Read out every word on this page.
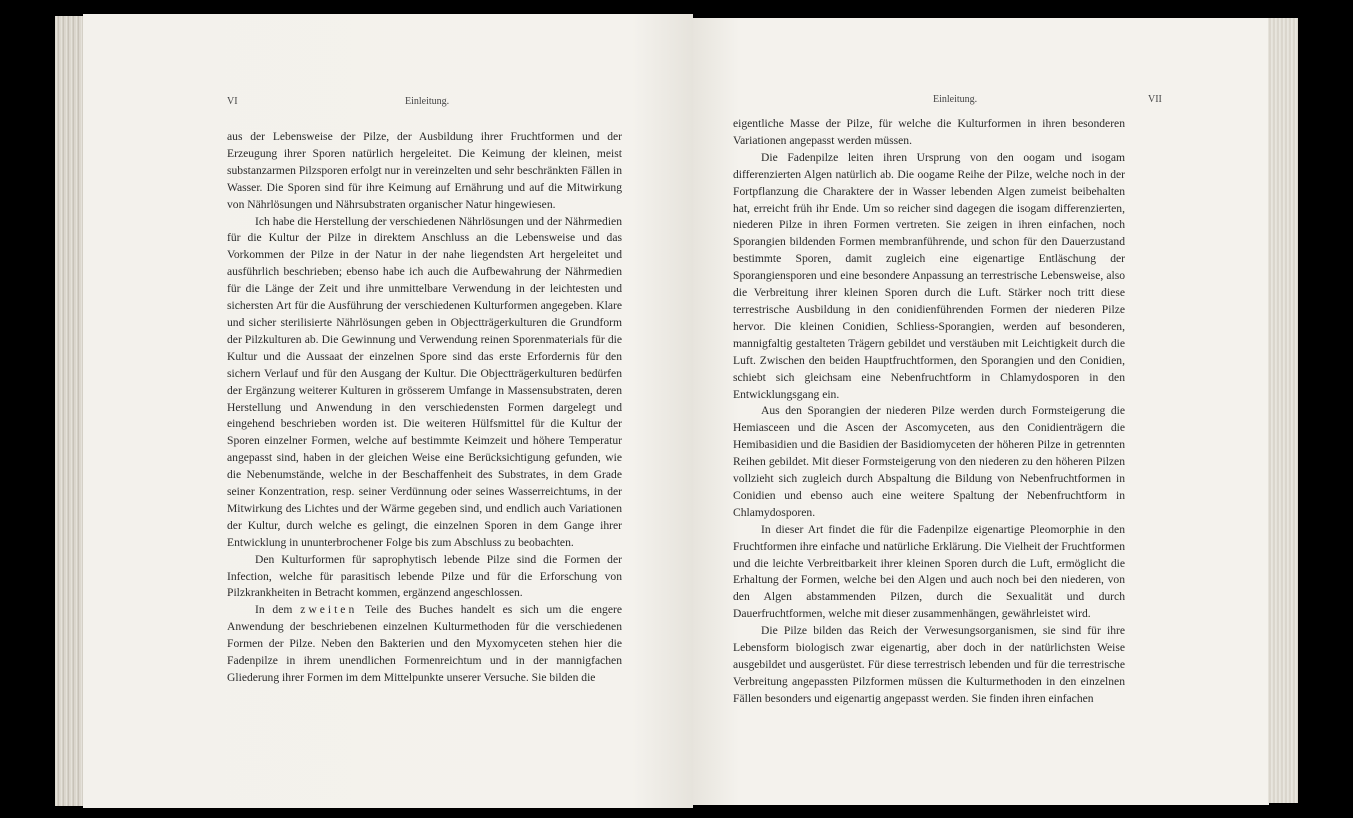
VI	Einleitung.

aus der Lebensweise der Pilze, der Ausbildung ihrer Fruchtformen und der Erzeugung ihrer Sporen natürlich hergeleitet. Die Keimung der kleinen, meist substanzarmen Pilzsporen erfolgt nur in vereinzelten und sehr beschränkten Fällen in Wasser. Die Sporen sind für ihre Keimung auf Ernährung und auf die Mitwirkung von Nährlösungen und Nährsubstraten organischer Natur hingewiesen.

Ich habe die Herstellung der verschiedenen Nährlösungen und der Nährmedien für die Kultur der Pilze in direktem Anschluss an die Lebensweise und das Vorkommen der Pilze in der Natur in der nahe liegendsten Art hergeleitet und ausführlich beschrieben; ebenso habe ich auch die Aufbewahrung der Nährmedien für die Länge der Zeit und ihre unmittelbare Verwendung in der leichtesten und sichersten Art für die Ausführung der verschiedenen Kulturformen angegeben. Klare und sicher sterilisierte Nährlösungen geben in Objectträgerkulturen die Grundform der Pilzkulturen ab. Die Gewinnung und Verwendung reinen Sporenmaterials für die Kultur und die Aussaat der einzelnen Spore sind das erste Erfordernis für den sichern Verlauf und für den Ausgang der Kultur. Die Objectträgerkulturen bedürfen der Ergänzung weiterer Kulturen in grösserem Umfange in Massensubstraten, deren Herstellung und Anwendung in den verschiedensten Formen dargelegt und eingehend beschrieben worden ist. Die weiteren Hülfsmittel für die Kultur der Sporen einzelner Formen, welche auf bestimmte Keimzeit und höhere Temperatur angepasst sind, haben in der gleichen Weise eine Berücksichtigung gefunden, wie die Nebenumstände, welche in der Beschaffenheit des Substrates, in dem Grade seiner Konzentration, resp. seiner Verdünnung oder seines Wasserreichtums, in der Mitwirkung des Lichtes und der Wärme gegeben sind, und endlich auch Variationen der Kultur, durch welche es gelingt, die einzelnen Sporen in dem Gange ihrer Entwicklung in ununterbrochener Folge bis zum Abschluss zu beobachten.

Den Kulturformen für saprophytisch lebende Pilze sind die Formen der Infection, welche für parasitisch lebende Pilze und für die Erforschung von Pilzkrankheiten in Betracht kommen, ergänzend angeschlossen.

In dem zweiten Teile des Buches handelt es sich um die engere Anwendung der beschriebenen einzelnen Kulturmethoden für die verschiedenen Formen der Pilze. Neben den Bakterien und den Myxomyceten stehen hier die Fadenpilze in ihrem unendlichen Formenreichtum und in der mannigfachen Gliederung ihrer Formen im dem Mittelpunkte unserer Versuche. Sie bilden die

Einleitung.	VII

eigentliche Masse der Pilze, für welche die Kulturformen in ihren besonderen Variationen angepasst werden müssen.

Die Fadenpilze leiten ihren Ursprung von den oogam und isogam differenzierten Algen natürlich ab. Die oogame Reihe der Pilze, welche noch in der Fortpflanzung die Charaktere der in Wasser lebenden Algen zumeist beibehalten hat, erreicht früh ihr Ende. Um so reicher sind dagegen die isogam differenzierten, niederen Pilze in ihren Formen vertreten. Sie zeigen in ihren einfachen, noch Sporangien bildenden Formen membranführende, und schon für den Dauerzustand bestimmte Sporen, damit zugleich eine eigenartige Entläschung der Sporangiensporen und eine besondere Anpassung an terrestrische Lebensweise, also die Verbreitung ihrer kleinen Sporen durch die Luft. Stärker noch tritt diese terrestrische Ausbildung in den conidienführenden Formen der niederen Pilze hervor. Die kleinen Conidien, Schliess-Sporangien, werden auf besonderen, mannigfaltig gestalteten Trägern gebildet und verstäuben mit Leichtigkeit durch die Luft. Zwischen den beiden Hauptfruchtformen, den Sporangien und den Conidien, schiebt sich gleichsam eine Nebenfruchtform in Chlamydosporen in den Entwicklungsgang ein.

Aus den Sporangien der niederen Pilze werden durch Formsteigerung die Hemiasceen und die Ascen der Ascomyceten, aus den Conidienträgern die Hemibasidien und die Basidien der Basidiomyceten der höheren Pilze in getrennten Reihen gebildet. Mit dieser Formsteigerung von den niederen zu den höheren Pilzen vollzieht sich zugleich durch Abspaltung die Bildung von Nebenfruchtformen in Conidien und ebenso auch eine weitere Spaltung der Nebenfruchtform in Chlamydosporen.

In dieser Art findet die für die Fadenpilze eigenartige Pleomorphie in den Fruchtformen ihre einfache und natürliche Erklärung. Die Vielheit der Fruchtformen und die leichte Verbreitbarkeit ihrer kleinen Sporen durch die Luft, ermöglicht die Erhaltung der Formen, welche bei den Algen und auch noch bei den niederen, von den Algen abstammenden Pilzen, durch die Sexualität und durch Dauerfruchtformen, welche mit dieser zusammenhängen, gewährleistet wird.

Die Pilze bilden das Reich der Verwesungsorganismen, sie sind für ihre Lebensform biologisch zwar eigenartig, aber doch in der natürlichsten Weise ausgebildet und ausgerüstet. Für diese terrestrisch lebenden und für die terrestrische Verbreitung angepassten Pilzformen müssen die Kulturmethoden in den einzelnen Fällen besonders und eigenartig angepasst werden. Sie finden ihren einfachen
